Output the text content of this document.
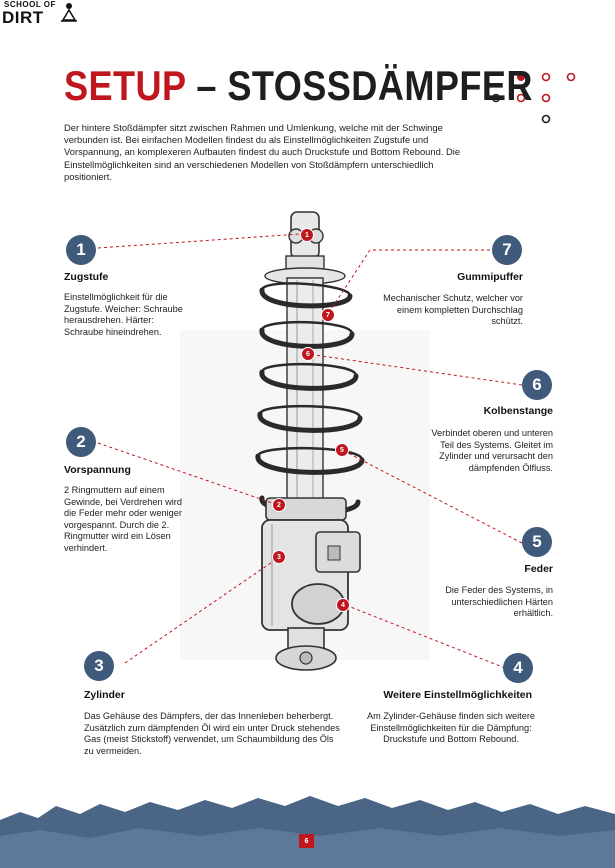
SCHOOL OF
DIRT
SETUP – STOSSDÄMPFER
Der hintere Stoßdämpfer sitzt zwischen Rahmen und Umlenkung, welche mit der Schwinge verbunden ist. Bei einfachen Modellen findest du als Einstellmöglichkeiten Zugstufe und Vorspannung, an komplexeren Aufbauten findest du auch Druckstufe und Bottom Rebound. Die Einstellmöglichkeiten sind an verschiedenen Modellen von Stoßdämpfern unterschiedlich positioniert.
1
Zugstufe
Einstellmöglichkeit für die Zugstufe. Weicher: Schraube herausdrehen. Härter: Schraube hineindrehen.
2
Vorspannung
2 Ringmuttern auf einem Gewinde, bei Verdrehen wird die Feder mehr oder weniger vorgespannt. Durch die 2. Ringmutter wird ein Lösen verhindert.
3
Zylinder
Das Gehäuse des Dämpfers, der das Innenleben beherbergt. Zusätzlich zum dämpfenden Öl wird ein unter Druck stehendes Gas (meist Stickstoff) verwendet, um Schaumbildung des Öls zu vermeiden.
4
Weitere Einstellmöglichkeiten
Am Zylinder-Gehäuse finden sich weitere Einstellmöglichkeiten für die Dämpfung: Druckstufe und Bottom Rebound.
5
Feder
Die Feder des Systems, in unterschiedlichen Härten erhältlich.
6
Kolbenstange
Verbindet oberen und unteren Teil des Systems. Gleitet im Zylinder und verursacht den dämpfenden Ölfluss.
7
Gummipuffer
Mechanischer Schutz, welcher vor einem kompletten Durchschlag schützt.
1
2
3
4
5
6
7
6
